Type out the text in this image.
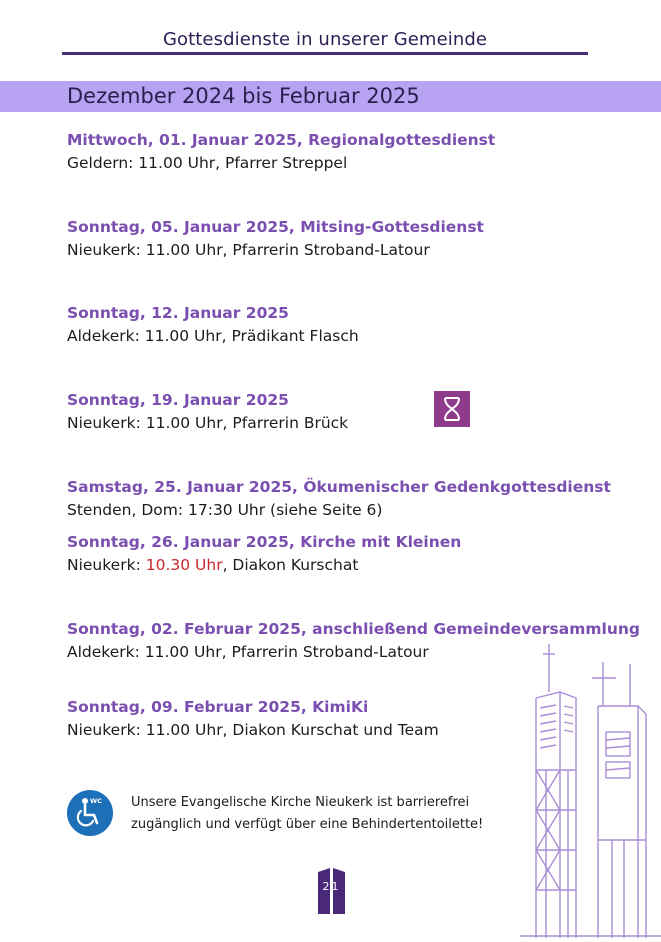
Gottesdienste in unserer Gemeinde
Dezember 2024 bis Februar 2025
Mittwoch, 01. Januar 2025, Regionalgottesdienst
Geldern: 11.00 Uhr, Pfarrer Streppel
Sonntag, 05. Januar 2025, Mitsing-Gottesdienst
Nieukerk: 11.00 Uhr, Pfarrerin Stroband-Latour
Sonntag, 12. Januar 2025
Aldekerk: 11.00 Uhr, Prädikant Flasch
Sonntag, 19. Januar 2025
Nieukerk: 11.00 Uhr, Pfarrerin Brück
Samstag, 25. Januar 2025, Ökumenischer Gedenkgottesdienst
Stenden, Dom: 17:30 Uhr (siehe Seite 6)
Sonntag, 26. Januar 2025, Kirche mit Kleinen
Nieukerk: 10.30 Uhr, Diakon Kurschat
Sonntag, 02. Februar 2025, anschließend Gemeindeversammlung
Aldekerk: 11.00 Uhr, Pfarrerin Stroband-Latour
Sonntag, 09. Februar 2025, KimiKi
Nieukerk: 11.00 Uhr, Diakon Kurschat und Team
WC Unsere Evangelische Kirche Nieukerk ist barrierefrei
zugänglich und verfügt über eine Behindertentoilette!
21
